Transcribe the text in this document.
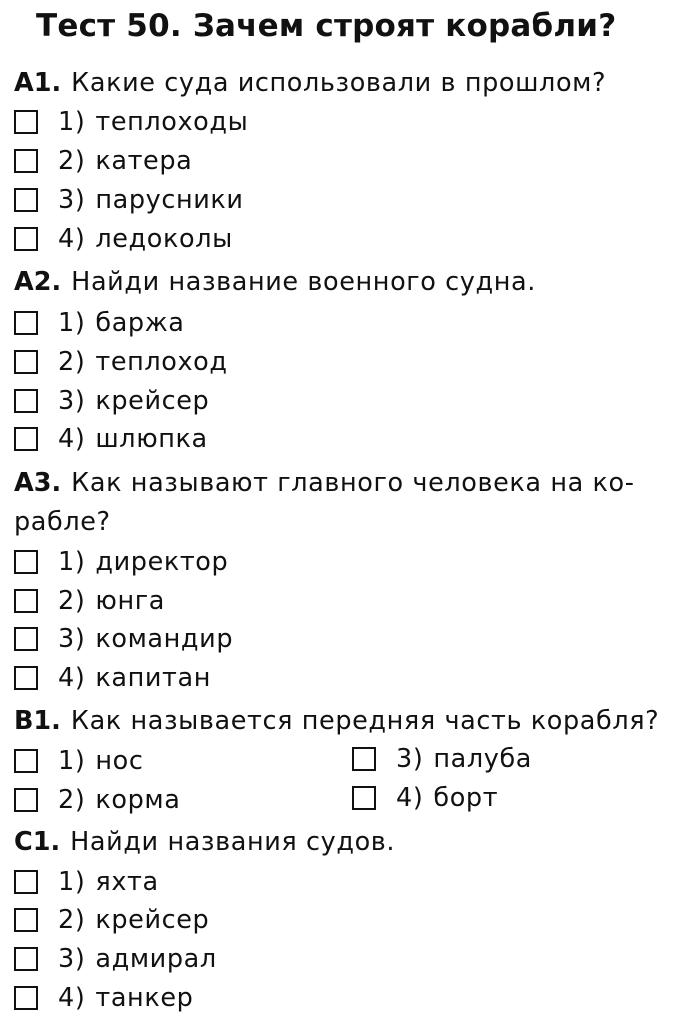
Тест 50. Зачем строят корабли?
А1. Какие суда использовали в прошлом?
1) теплоходы
2) катера
3) парусники
4) ледоколы
А2. Найди название военного судна.
1) баржа
2) теплоход
3) крейсер
4) шлюпка
А3. Как называют главного человека на ко-
рабле?
1) директор
2) юнга
3) командир
4) капитан
В1. Как называется передняя часть корабля?
1) нос
2) корма
3) палуба
4) борт
С1. Найди названия судов.
1) яхта
2) крейсер
3) адмирал
4) танкер
